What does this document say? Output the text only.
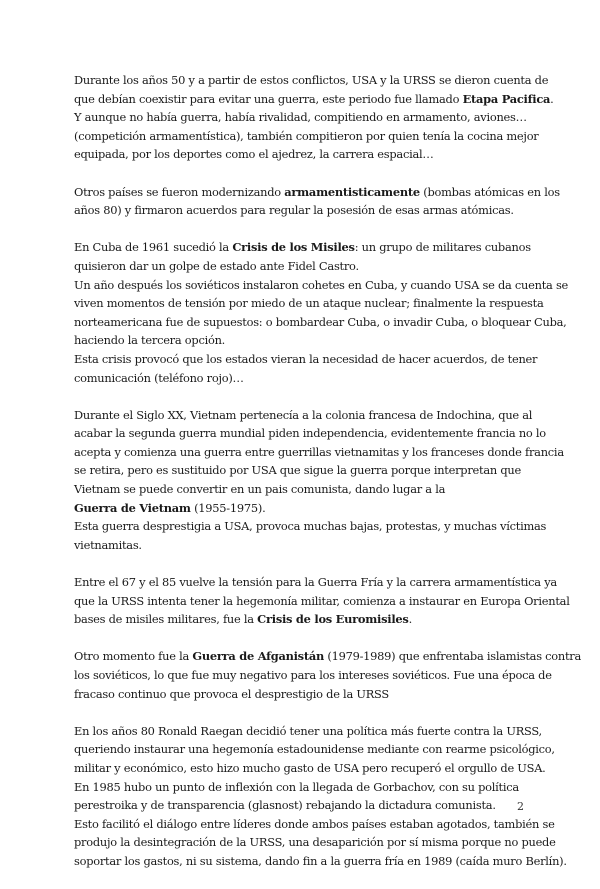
Durante los años 50 y a partir de estos conflictos, USA y la URSS se dieron cuenta de
que debían coexistir para evitar una guerra, este periodo fue llamado Etapa Pacifica.
Y aunque no había guerra, había rivalidad, compitiendo en armamento, aviones…
(competición armamentística), también compitieron por quien tenía la cocina mejor
equipada, por los deportes como el ajedrez, la carrera espacial…

Otros países se fueron modernizando armamentisticamente (bombas atómicas en los
años 80) y firmaron acuerdos para regular la posesión de esas armas atómicas.

En Cuba de 1961 sucedió la Crisis de los Misiles: un grupo de militares cubanos
quisieron dar un golpe de estado ante Fidel Castro.
Un año después los soviéticos instalaron cohetes en Cuba, y cuando USA se da cuenta se
viven momentos de tensión por miedo de un ataque nuclear; finalmente la respuesta
norteamericana fue de supuestos: o bombardear Cuba, o invadir Cuba, o bloquear Cuba,
haciendo la tercera opción.
Esta crisis provocó que los estados vieran la necesidad de hacer acuerdos, de tener
comunicación (teléfono rojo)…

Durante el Siglo XX, Vietnam pertenecía a la colonia francesa de Indochina, que al
acabar la segunda guerra mundial piden independencia, evidentemente francia no lo
acepta y comienza una guerra entre guerrillas vietnamitas y los franceses donde francia
se retira, pero es sustituido por USA que sigue la guerra porque interpretan que
Vietnam se puede convertir en un pais comunista, dando lugar a la
Guerra de Vietnam (1955-1975).
Esta guerra desprestigia a USA, provoca muchas bajas, protestas, y muchas víctimas
vietnamitas.

Entre el 67 y el 85 vuelve la tensión para la Guerra Fría y la carrera armamentística ya
que la URSS intenta tener la hegemonía militar, comienza a instaurar en Europa Oriental
bases de misiles militares, fue la Crisis de los Euromisiles.

Otro momento fue la Guerra de Afganistán (1979-1989) que enfrentaba islamistas contra
los soviéticos, lo que fue muy negativo para los intereses soviéticos. Fue una época de
fracaso continuo que provoca el desprestigio de la URSS

En los años 80 Ronald Raegan decidió tener una política más fuerte contra la URSS,
queriendo instaurar una hegemonía estadounidense mediante con rearme psicológico,
militar y económico, esto hizo mucho gasto de USA pero recuperó el orgullo de USA.
En 1985 hubo un punto de inflexión con la llegada de Gorbachov, con su política
perestroika y de transparencia (glasnost) rebajando la dictadura comunista.
Esto facilitó el diálogo entre líderes donde ambos países estaban agotados, también se
produjo la desintegración de la URSS, una desaparición por sí misma porque no puede
soportar los gastos, ni su sistema, dando fin a la guerra fría en 1989 (caída muro Berlín).

2
